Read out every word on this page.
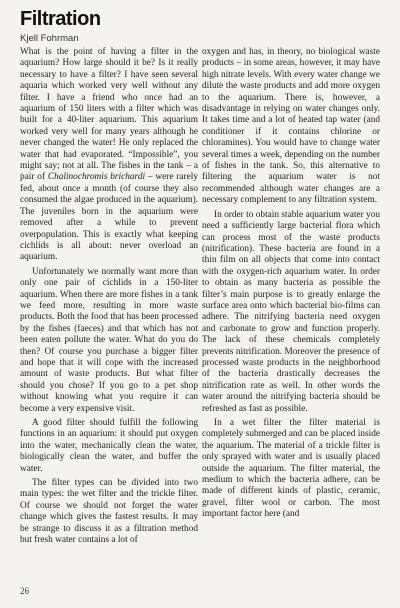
Filtration
Kjell Fohrman

What is the point of having a filter in the aquarium? How large should it be? Is it really necessary to have a filter? I have seen several aquaria which worked very well without any filter. I have a friend who once had an aquarium of 150 liters with a filter which was built for a 40-liter aquarium. This aquarium worked very well for many years although he never changed the water! He only replaced the water that had evaporated. “Impossible”, you might say; not at all. The fishes in the tank – a pair of Chalinochromis brichardi – were rarely fed, about once a month (of course they also consumed the algae produced in the aquarium). The juveniles born in the aquarium were removed after a while to prevent overpopulation. This is exactly what keeping cichlids is all about: never overload an aquarium.

Unfortunately we normally want more than only one pair of cichlids in a 150-liter aquarium. When there are more fishes in a tank we feed more, resulting in more waste products. Both the food that has been processed by the fishes (faeces) and that which has not been eaten pollute the water. What do you do then? Of course you purchase a bigger filter and hope that it will cope with the increased amount of waste products. But what filter should you chose? If you go to a pet shop without knowing what you require it can become a very expensive visit.

A good filter should fulfill the following functions in an aquarium: it should put oxygen into the water, mechanically clean the water, biologically clean the water, and buffer the water.

The filter types can be divided into two main types: the wet filter and the trickle filter. Of course we should not forget the water change which gives the fastest results. It may be strange to discuss it as a filtration method but fresh water contains a lot of

oxygen and has, in theory, no biological waste products – in some areas, however, it may have high nitrate levels. With every water change we dilute the waste products and add more oxygen to the aquarium. There is, however, a disadvantage in relying on water changes only. It takes time and a lot of heated tap water (and conditioner if it contains chlorine or chloramines). You would have to change water several times a week, depending on the number of fishes in the tank. So, this alternative to filtering the aquarium water is not recommended although water changes are a necessary complement to any filtration system.

In order to obtain stable aquarium water you need a sufficiently large bacterial flora which can process most of the waste products (nitrification). These bacteria are found in a thin film on all objects that come into contact with the oxygen-rich aquarium water. In order to obtain as many bacteria as possible the filter’s main purpose is to greatly enlarge the surface area onto which bacterial bio-films can adhere. The nitrifying bacteria need oxygen and carbonate to grow and function properly. The lack of these chemicals completely prevents nitrification. Moreover the presence of processed waste products in the neighborhood of the bacteria drastically decreases the nitrification rate as well. In other words the water around the nitrifying bacteria should be refreshed as fast as possible.

In a wet filter the filter material is completely submerged and can be placed inside the aquarium. The material of a trickle filter is only sprayed with water and is usually placed outside the aquarium. The filter material, the medium to which the bacteria adhere, can be made of different kinds of plastic, ceramic, gravel, filter wool or carbon. The most important factor here (and

26
